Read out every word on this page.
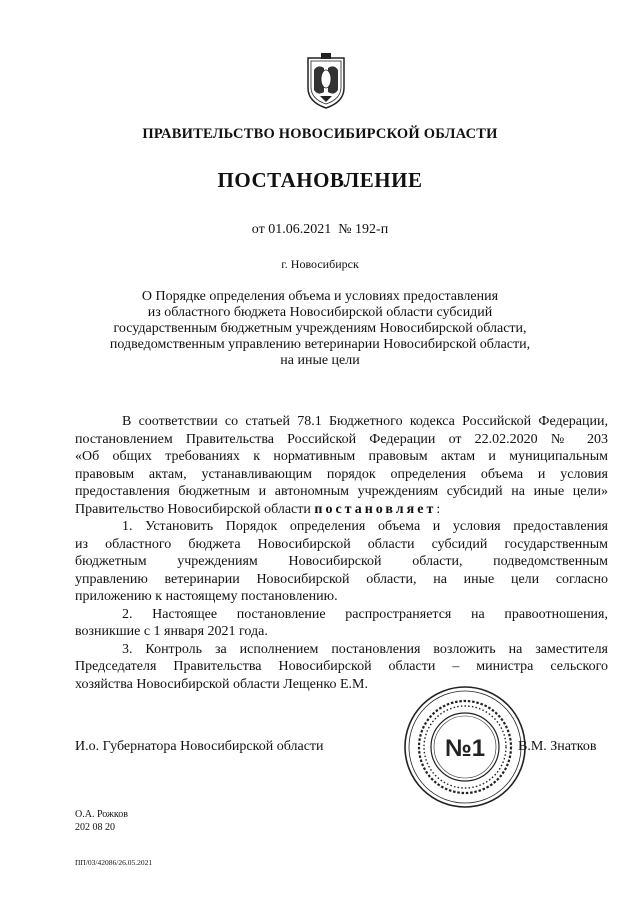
ПРАВИТЕЛЬСТВО НОВОСИБИРСКОЙ ОБЛАСТИ
ПОСТАНОВЛЕНИЕ
от 01.06.2021  № 192-п
г. Новосибирск
О Порядке определения объема и условиях предоставления
из областного бюджета Новосибирской области субсидий
государственным бюджетным учреждениям Новосибирской области,
подведомственным управлению ветеринарии Новосибирской области,
на иные цели
В соответствии со статьей 78.1 Бюджетного кодекса Российской Федерации,
постановлением Правительства Российской Федерации от 22.02.2020 № 203
«Об общих требованиях к нормативным правовым актам и муниципальным
правовым актам, устанавливающим порядок определения объема и условия
предоставления бюджетным и автономным учреждениям субсидий на иные цели»
Правительство Новосибирской области постановляет:
1. Установить Порядок определения объема и условия предоставления
из областного бюджета Новосибирской области субсидий государственным
бюджетным учреждениям Новосибирской области, подведомственным
управлению ветеринарии Новосибирской области, на иные цели согласно
приложению к настоящему постановлению.
2. Настоящее постановление распространяется на правоотношения,
возникшие с 1 января 2021 года.
3. Контроль за исполнением постановления возложить на заместителя
Председателя Правительства Новосибирской области – министра сельского
хозяйства Новосибирской области Лещенко Е.М.
№1
И.о. Губернатора Новосибирской области	В.М. Знатков
О.А. Рожков
202 08 20
ПП/03/42086/26.05.2021
